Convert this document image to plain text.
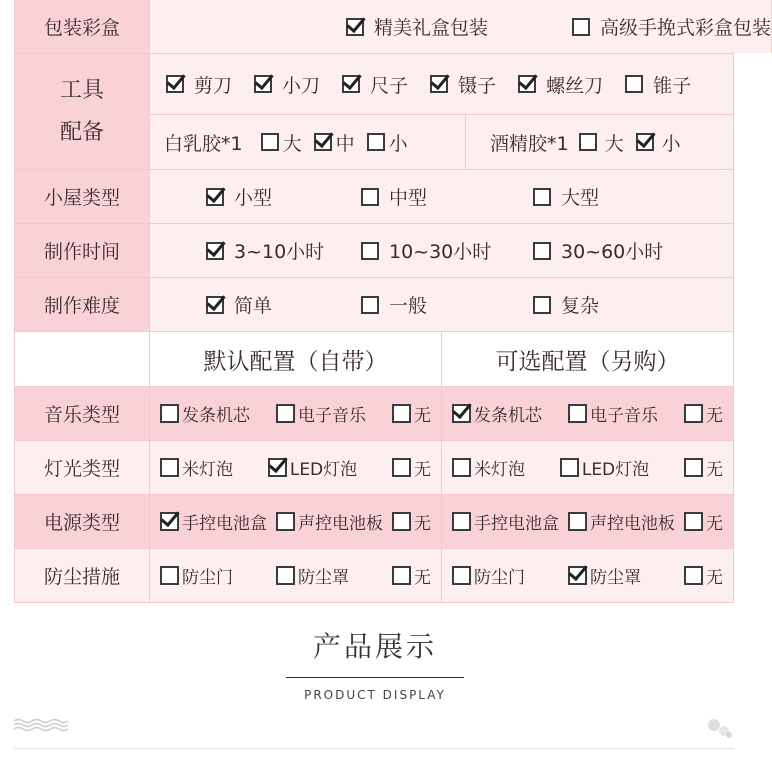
包装彩盒	精美礼盒包装	高级手挽式彩盒包装
工具
配备
剪刀	小刀	尺子	镊子	螺丝刀	锥子
白乳胶*1 大 中 小	酒精胶*1 大 小
小屋类型	小型	中型	大型
制作时间	3~10小时	10~30小时	30~60小时
制作难度	简单	一般	复杂
默认配置（自带）	可选配置（另购）
音乐类型	发条机芯	电子音乐	无	发条机芯	电子音乐	无
灯光类型	米灯泡	LED灯泡	无	米灯泡	LED灯泡	无
电源类型	手控电池盒 声控电池板 无	手控电池盒 声控电池板 无
防尘措施	防尘门	防尘罩	无	防尘门	防尘罩	无
产品展示
PRODUCT DISPLAY
